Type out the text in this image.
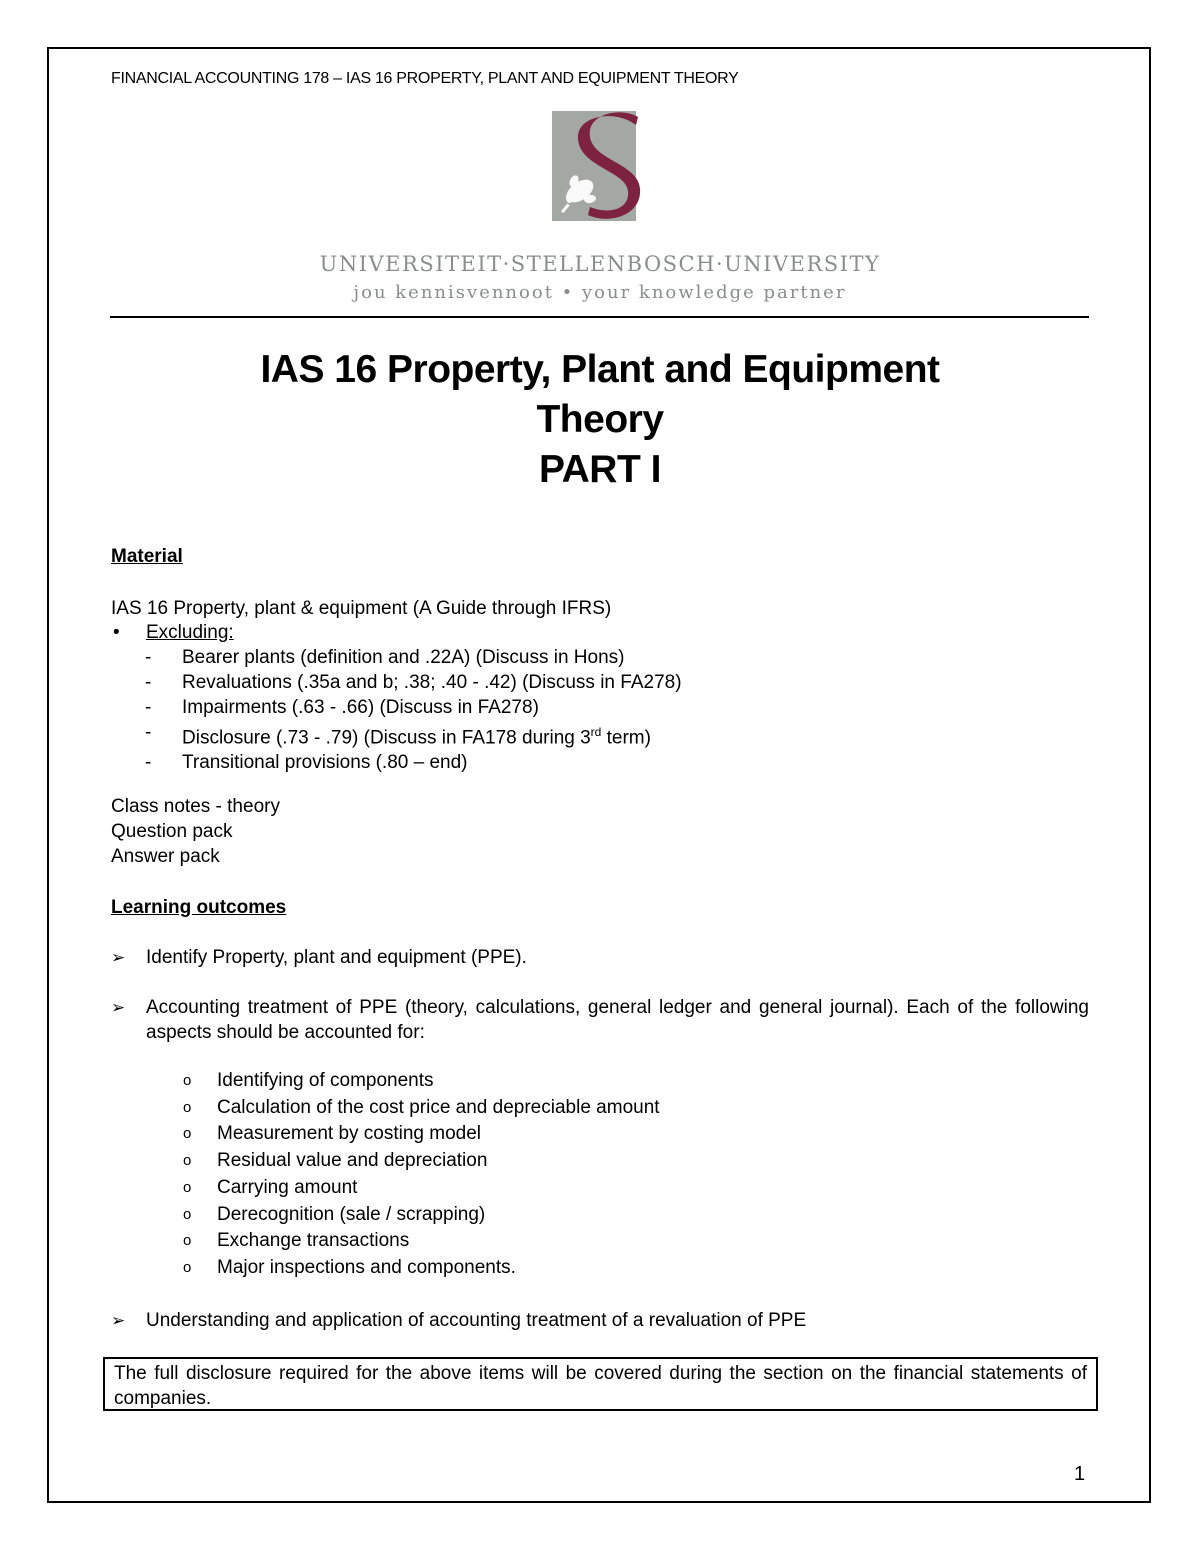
FINANCIAL ACCOUNTING 178 – IAS 16 PROPERTY, PLANT AND EQUIPMENT THEORY
UNIVERSITEIT·STELLENBOSCH·UNIVERSITY
jou kennisvennoot • your knowledge partner
IAS 16 Property, Plant and Equipment
Theory
PART I
Material
IAS 16 Property, plant & equipment (A Guide through IFRS)
• Excluding:
- Bearer plants (definition and .22A) (Discuss in Hons)
- Revaluations (.35a and b; .38; .40 - .42) (Discuss in FA278)
- Impairments (.63 - .66) (Discuss in FA278)
- Disclosure (.73 - .79) (Discuss in FA178 during 3rd term)
- Transitional provisions (.80 – end)
Class notes - theory
Question pack
Answer pack
Learning outcomes
➢ Identify Property, plant and equipment (PPE).
➢ Accounting treatment of PPE (theory, calculations, general ledger and general journal). Each of the following aspects should be accounted for:
o Identifying of components
o Calculation of the cost price and depreciable amount
o Measurement by costing model
o Residual value and depreciation
o Carrying amount
o Derecognition (sale / scrapping)
o Exchange transactions
o Major inspections and components.
➢ Understanding and application of accounting treatment of a revaluation of PPE
The full disclosure required for the above items will be covered during the section on the financial statements of companies.
1
